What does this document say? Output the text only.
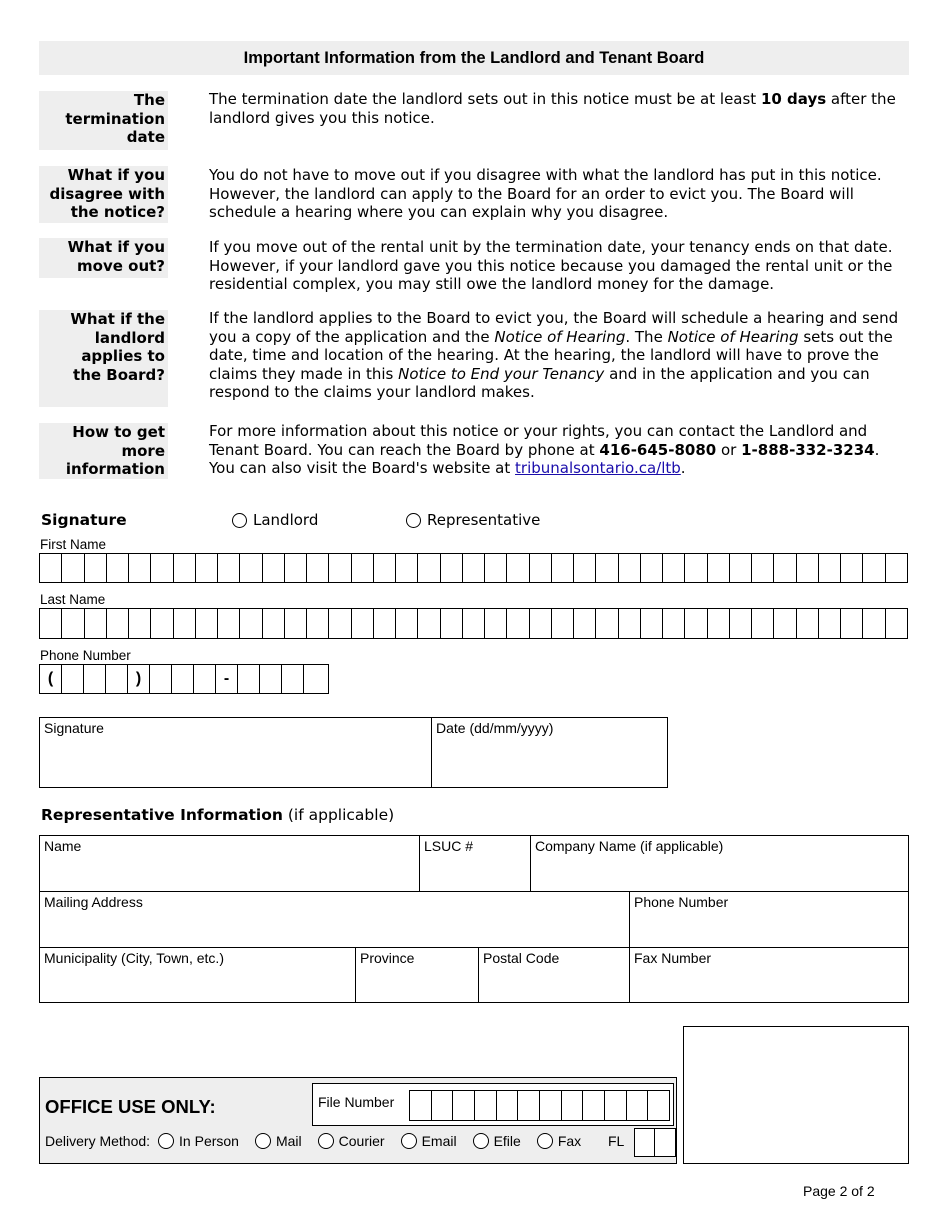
Important Information from the Landlord and Tenant Board
The termination date
The termination date the landlord sets out in this notice must be at least 10 days after the landlord gives you this notice.
What if you disagree with the notice?
You do not have to move out if you disagree with what the landlord has put in this notice. However, the landlord can apply to the Board for an order to evict you. The Board will schedule a hearing where you can explain why you disagree.
What if you move out?
If you move out of the rental unit by the termination date, your tenancy ends on that date. However, if your landlord gave you this notice because you damaged the rental unit or the residential complex, you may still owe the landlord money for the damage.
What if the landlord applies to the Board?
If the landlord applies to the Board to evict you, the Board will schedule a hearing and send you a copy of the application and the Notice of Hearing. The Notice of Hearing sets out the date, time and location of the hearing. At the hearing, the landlord will have to prove the claims they made in this Notice to End your Tenancy and in the application and you can respond to the claims your landlord makes.
How to get more information
For more information about this notice or your rights, you can contact the Landlord and Tenant Board. You can reach the Board by phone at 416-645-8080 or 1-888-332-3234. You can also visit the Board's website at tribunalsontario.ca/ltb.
Signature	Landlord	Representative
First Name
Last Name
Phone Number
(	)	-
Signature	Date (dd/mm/yyyy)
Representative Information (if applicable)
Name	LSUC #	Company Name (if applicable)
Mailing Address	Phone Number
Municipality (City, Town, etc.)	Province	Postal Code	Fax Number
OFFICE USE ONLY:	File Number
Delivery Method: In Person	Mail	Courier	Email	Efile	Fax FL
Page 2 of 2
